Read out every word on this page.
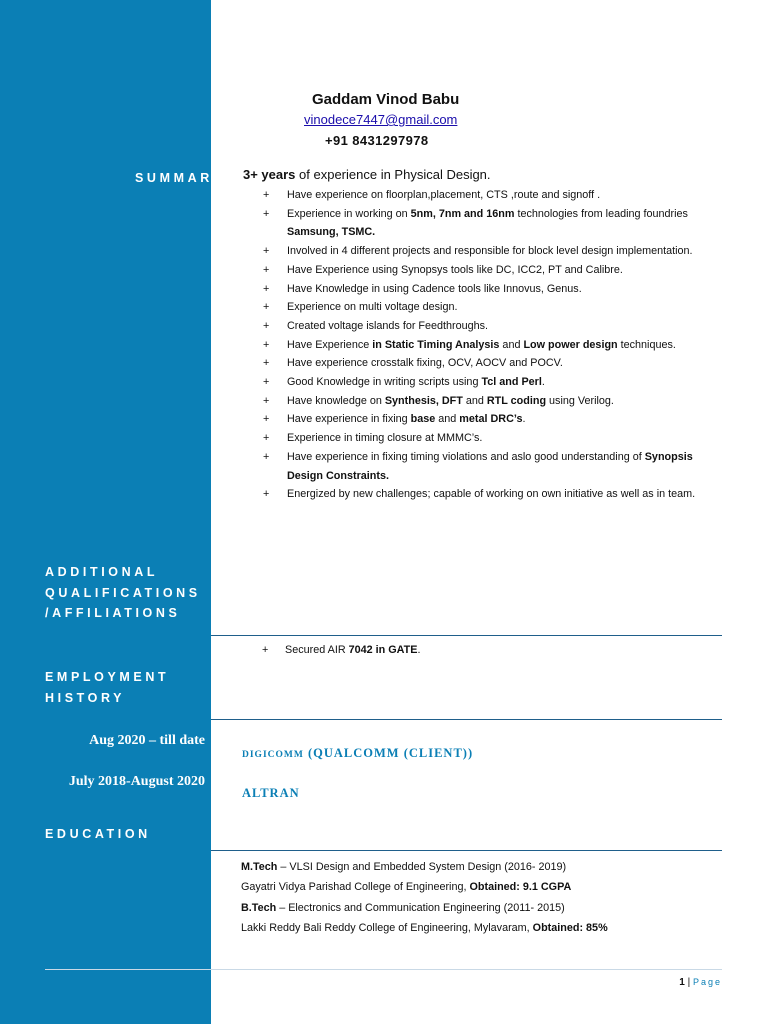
SUMMARY
ADDITIONAL
QUALIFICATIONS
/AFFILIATIONS
EMPLOYMENT
HISTORY
Aug 2020 – till date
July 2018-August 2020
EDUCATION
Gaddam Vinod Babu
vinodece7447@gmail.com
+91 8431297978
3+ years of experience in Physical Design.
+ Have experience on floorplan,placement, CTS ,route and signoff .
+ Experience in working on 5nm, 7nm and 16nm technologies from leading foundries Samsung, TSMC.
+ Involved in 4 different projects and responsible for block level design implementation.
+ Have Experience using Synopsys tools like DC, ICC2, PT and Calibre.
+ Have Knowledge in using Cadence tools like Innovus, Genus.
+ Experience on multi voltage design.
+ Created voltage islands for Feedthroughs.
+ Have Experience in Static Timing Analysis and Low power design techniques.
+ Have experience crosstalk fixing, OCV, AOCV and POCV.
+ Good Knowledge in writing scripts using Tcl and Perl.
+ Have knowledge on Synthesis, DFT and RTL coding using Verilog.
+ Have experience in fixing base and metal DRC’s.
+ Experience in timing closure at MMMC’s.
+ Have experience in fixing timing violations and aslo good understanding of Synopsis Design Constraints.
+ Energized by new challenges; capable of working on own initiative as well as in team.
+ Secured AIR 7042 in GATE.
DIGICOMM (QUALCOMM (CLIENT))
ALTRAN
M.Tech – VLSI Design and Embedded System Design (2016- 2019)
Gayatri Vidya Parishad College of Engineering, Obtained: 9.1 CGPA
B.Tech – Electronics and Communication Engineering (2011- 2015)
Lakki Reddy Bali Reddy College of Engineering, Mylavaram, Obtained: 85%
1 | Page
